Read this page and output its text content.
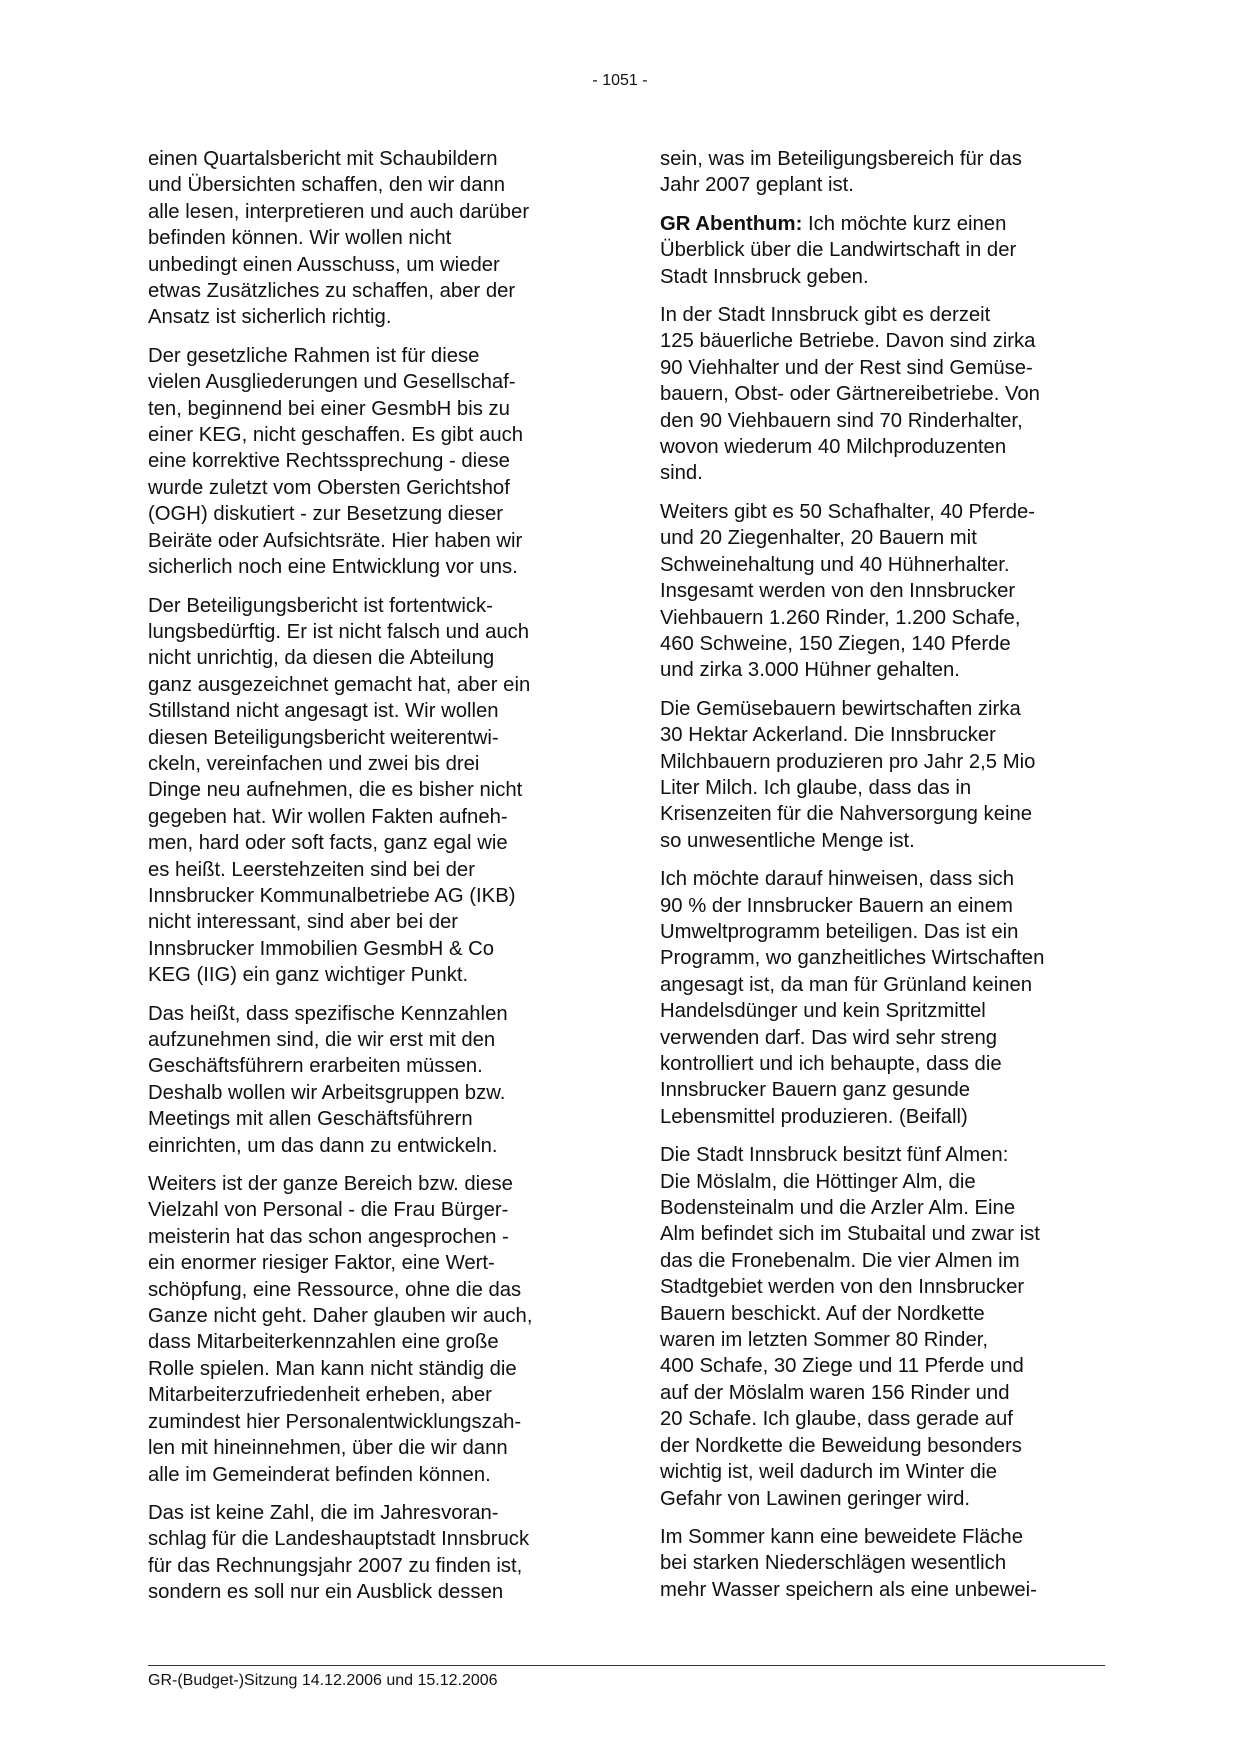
- 1051 -

einen Quartalsbericht mit Schaubildern
und Übersichten schaffen, den wir dann
alle lesen, interpretieren und auch darüber
befinden können. Wir wollen nicht
unbedingt einen Ausschuss, um wieder
etwas Zusätzliches zu schaffen, aber der
Ansatz ist sicherlich richtig.

Der gesetzliche Rahmen ist für diese
vielen Ausgliederungen und Gesellschaf-
ten, beginnend bei einer GesmbH bis zu
einer KEG, nicht geschaffen. Es gibt auch
eine korrektive Rechtssprechung - diese
wurde zuletzt vom Obersten Gerichtshof
(OGH) diskutiert - zur Besetzung dieser
Beiräte oder Aufsichtsräte. Hier haben wir
sicherlich noch eine Entwicklung vor uns.

Der Beteiligungsbericht ist fortentwick-
lungsbedürftig. Er ist nicht falsch und auch
nicht unrichtig, da diesen die Abteilung
ganz ausgezeichnet gemacht hat, aber ein
Stillstand nicht angesagt ist. Wir wollen
diesen Beteiligungsbericht weiterentwi-
ckeln, vereinfachen und zwei bis drei
Dinge neu aufnehmen, die es bisher nicht
gegeben hat. Wir wollen Fakten aufneh-
men, hard oder soft facts, ganz egal wie
es heißt. Leerstehzeiten sind bei der
Innsbrucker Kommunalbetriebe AG (IKB)
nicht interessant, sind aber bei der
Innsbrucker Immobilien GesmbH & Co
KEG (IIG) ein ganz wichtiger Punkt.

Das heißt, dass spezifische Kennzahlen
aufzunehmen sind, die wir erst mit den
Geschäftsführern erarbeiten müssen.
Deshalb wollen wir Arbeitsgruppen bzw.
Meetings mit allen Geschäftsführern
einrichten, um das dann zu entwickeln.

Weiters ist der ganze Bereich bzw. diese
Vielzahl von Personal - die Frau Bürger-
meisterin hat das schon angesprochen -
ein enormer riesiger Faktor, eine Wert-
schöpfung, eine Ressource, ohne die das
Ganze nicht geht. Daher glauben wir auch,
dass Mitarbeiterkennzahlen eine große
Rolle spielen. Man kann nicht ständig die
Mitarbeiterzufriedenheit erheben, aber
zumindest hier Personalentwicklungszah-
len mit hineinnehmen, über die wir dann
alle im Gemeinderat befinden können.

Das ist keine Zahl, die im Jahresvoran-
schlag für die Landeshauptstadt Innsbruck
für das Rechnungsjahr 2007 zu finden ist,
sondern es soll nur ein Ausblick dessen

sein, was im Beteiligungsbereich für das
Jahr 2007 geplant ist.

GR Abenthum: Ich möchte kurz einen
Überblick über die Landwirtschaft in der
Stadt Innsbruck geben.

In der Stadt Innsbruck gibt es derzeit
125 bäuerliche Betriebe. Davon sind zirka
90 Viehhalter und der Rest sind Gemüse-
bauern, Obst- oder Gärtnereibetriebe. Von
den 90 Viehbauern sind 70 Rinderhalter,
wovon wiederum 40 Milchproduzenten
sind.

Weiters gibt es 50 Schafhalter, 40 Pferde-
und 20 Ziegenhalter, 20 Bauern mit
Schweinehaltung und 40 Hühnerhalter.
Insgesamt werden von den Innsbrucker
Viehbauern 1.260 Rinder, 1.200 Schafe,
460 Schweine, 150 Ziegen, 140 Pferde
und zirka 3.000 Hühner gehalten.

Die Gemüsebauern bewirtschaften zirka
30 Hektar Ackerland. Die Innsbrucker
Milchbauern produzieren pro Jahr 2,5 Mio
Liter Milch. Ich glaube, dass das in
Krisenzeiten für die Nahversorgung keine
so unwesentliche Menge ist.

Ich möchte darauf hinweisen, dass sich
90 % der Innsbrucker Bauern an einem
Umweltprogramm beteiligen. Das ist ein
Programm, wo ganzheitliches Wirtschaften
angesagt ist, da man für Grünland keinen
Handelsdünger und kein Spritzmittel
verwenden darf. Das wird sehr streng
kontrolliert und ich behaupte, dass die
Innsbrucker Bauern ganz gesunde
Lebensmittel produzieren. (Beifall)

Die Stadt Innsbruck besitzt fünf Almen:
Die Möslalm, die Höttinger Alm, die
Bodensteinalm und die Arzler Alm. Eine
Alm befindet sich im Stubaital und zwar ist
das die Fronebenalm. Die vier Almen im
Stadtgebiet werden von den Innsbrucker
Bauern beschickt. Auf der Nordkette
waren im letzten Sommer 80 Rinder,
400 Schafe, 30 Ziege und 11 Pferde und
auf der Möslalm waren 156 Rinder und
20 Schafe. Ich glaube, dass gerade auf
der Nordkette die Beweidung besonders
wichtig ist, weil dadurch im Winter die
Gefahr von Lawinen geringer wird.

Im Sommer kann eine beweidete Fläche
bei starken Niederschlägen wesentlich
mehr Wasser speichern als eine unbewei-

GR-(Budget-)Sitzung 14.12.2006 und 15.12.2006
